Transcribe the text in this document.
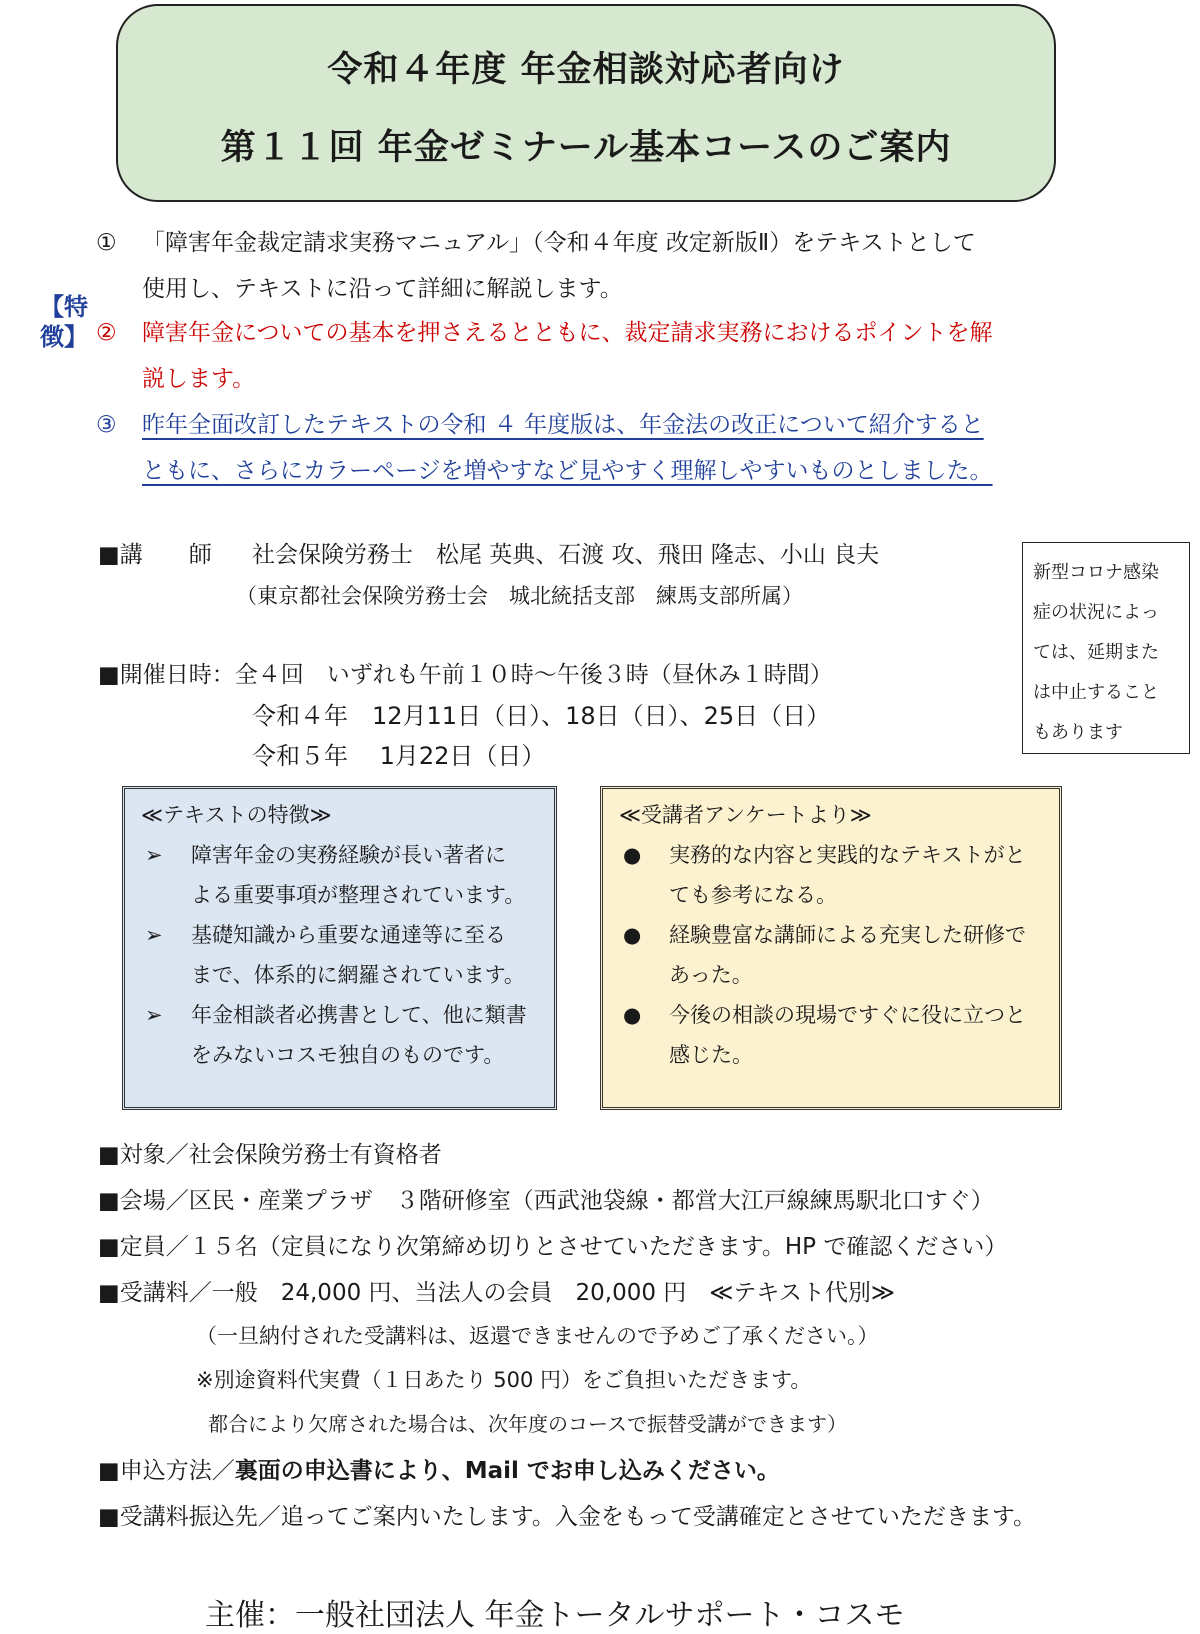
令和４年度 年金相談対応者向け
第１１回 年金ゼミナール基本コースのご案内
【特徴】
① 「障害年金裁定請求実務マニュアル」（令和４年度 改定新版Ⅱ）をテキストとして
使用し、テキストに沿って詳細に解説します。
② 障害年金についての基本を押さえるとともに、裁定請求実務におけるポイントを解
説します。
③ 昨年全面改訂したテキストの令和 ４ 年度版は、年金法の改正について紹介すると
ともに、さらにカラーページを増やすなど見やすく理解しやすいものとしました。
■講　　師 社会保険労務士　松尾 英典、石渡 攻、飛田 隆志、小山 良夫
（東京都社会保険労務士会　城北統括支部　練馬支部所属）
■開催日時：全４回　いずれも午前１０時～午後３時（昼休み１時間）
令和４年　12月11日（日）、18日（日）、25日（日）
令和５年　 1月22日（日）
新型コロナ感染
症の状況によっ
ては、延期また
は中止すること
もあります
≪テキストの特徴≫
➢ 障害年金の実務経験が長い著者に
よる重要事項が整理されています。
➢ 基礎知識から重要な通達等に至る
まで、体系的に網羅されています。
➢ 年金相談者必携書として、他に類書
をみないコスモ独自のものです。
≪受講者アンケートより≫
● 実務的な内容と実践的なテキストがと
ても参考になる。
● 経験豊富な講師による充実した研修で
あった。
● 今後の相談の現場ですぐに役に立つと
感じた。
■対象／社会保険労務士有資格者
■会場／区民・産業プラザ　３階研修室（西武池袋線・都営大江戸線練馬駅北口すぐ）
■定員／１５名（定員になり次第締め切りとさせていただきます。HP で確認ください）
■受講料／一般　24,000 円、当法人の会員　20,000 円　≪テキスト代別≫
（一旦納付された受講料は、返還できませんので予めご了承ください。）
※別途資料代実費（１日あたり 500 円）をご負担いただきます。
都合により欠席された場合は、次年度のコースで振替受講ができます）
■申込方法／裏面の申込書により、Mail でお申し込みください。
■受講料振込先／追ってご案内いたします。入金をもって受講確定とさせていただきます。
主催：一般社団法人 年金トータルサポート・コスモ
